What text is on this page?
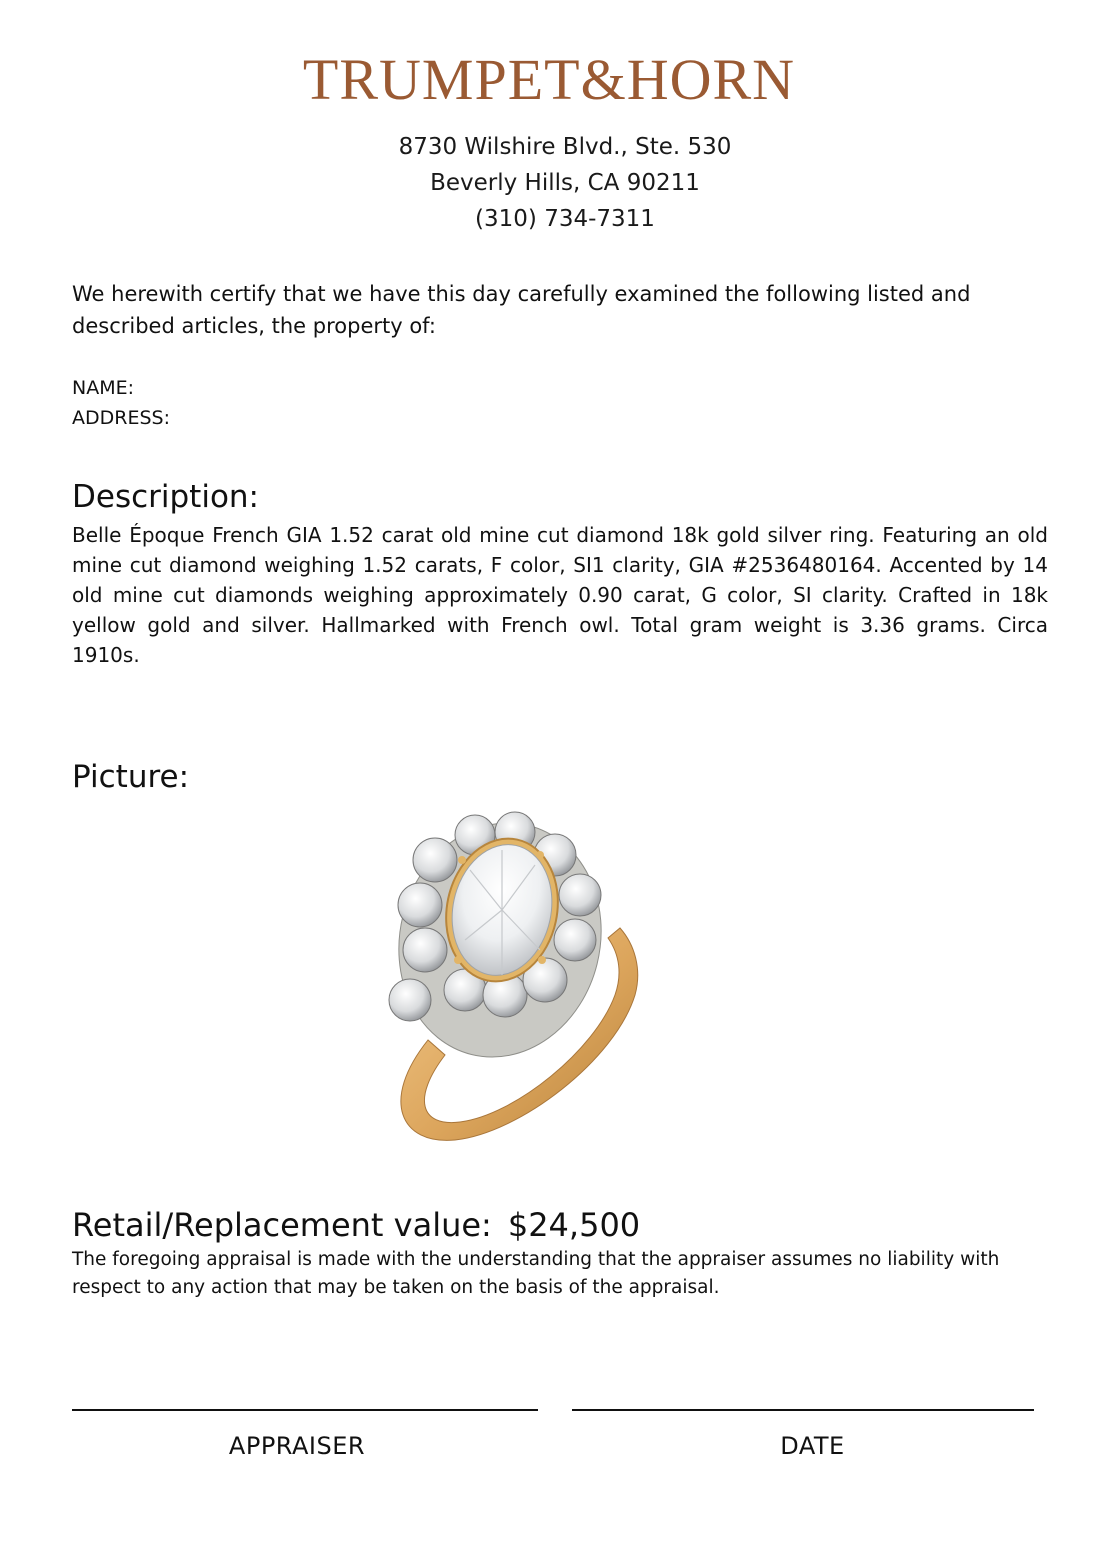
TRUMPET&HORN
8730 Wilshire Blvd., Ste. 530
Beverly Hills, CA 90211
(310) 734-7311
We herewith certify that we have this day carefully examined the following listed and described articles, the property of:
NAME:
ADDRESS:
Description:
Belle Époque French GIA 1.52 carat old mine cut diamond 18k gold silver ring. Featuring an old mine cut diamond weighing 1.52 carats, F color, SI1 clarity, GIA #2536480164. Accented by 14 old mine cut diamonds weighing approximately 0.90 carat, G color, SI clarity. Crafted in 18k yellow gold and silver. Hallmarked with French owl. Total gram weight is 3.36 grams. Circa 1910s.
Picture:
Retail/Replacement value: $24,500
The foregoing appraisal is made with the understanding that the appraiser assumes no liability with respect to any action that may be taken on the basis of the appraisal.
APPRAISER	DATE
